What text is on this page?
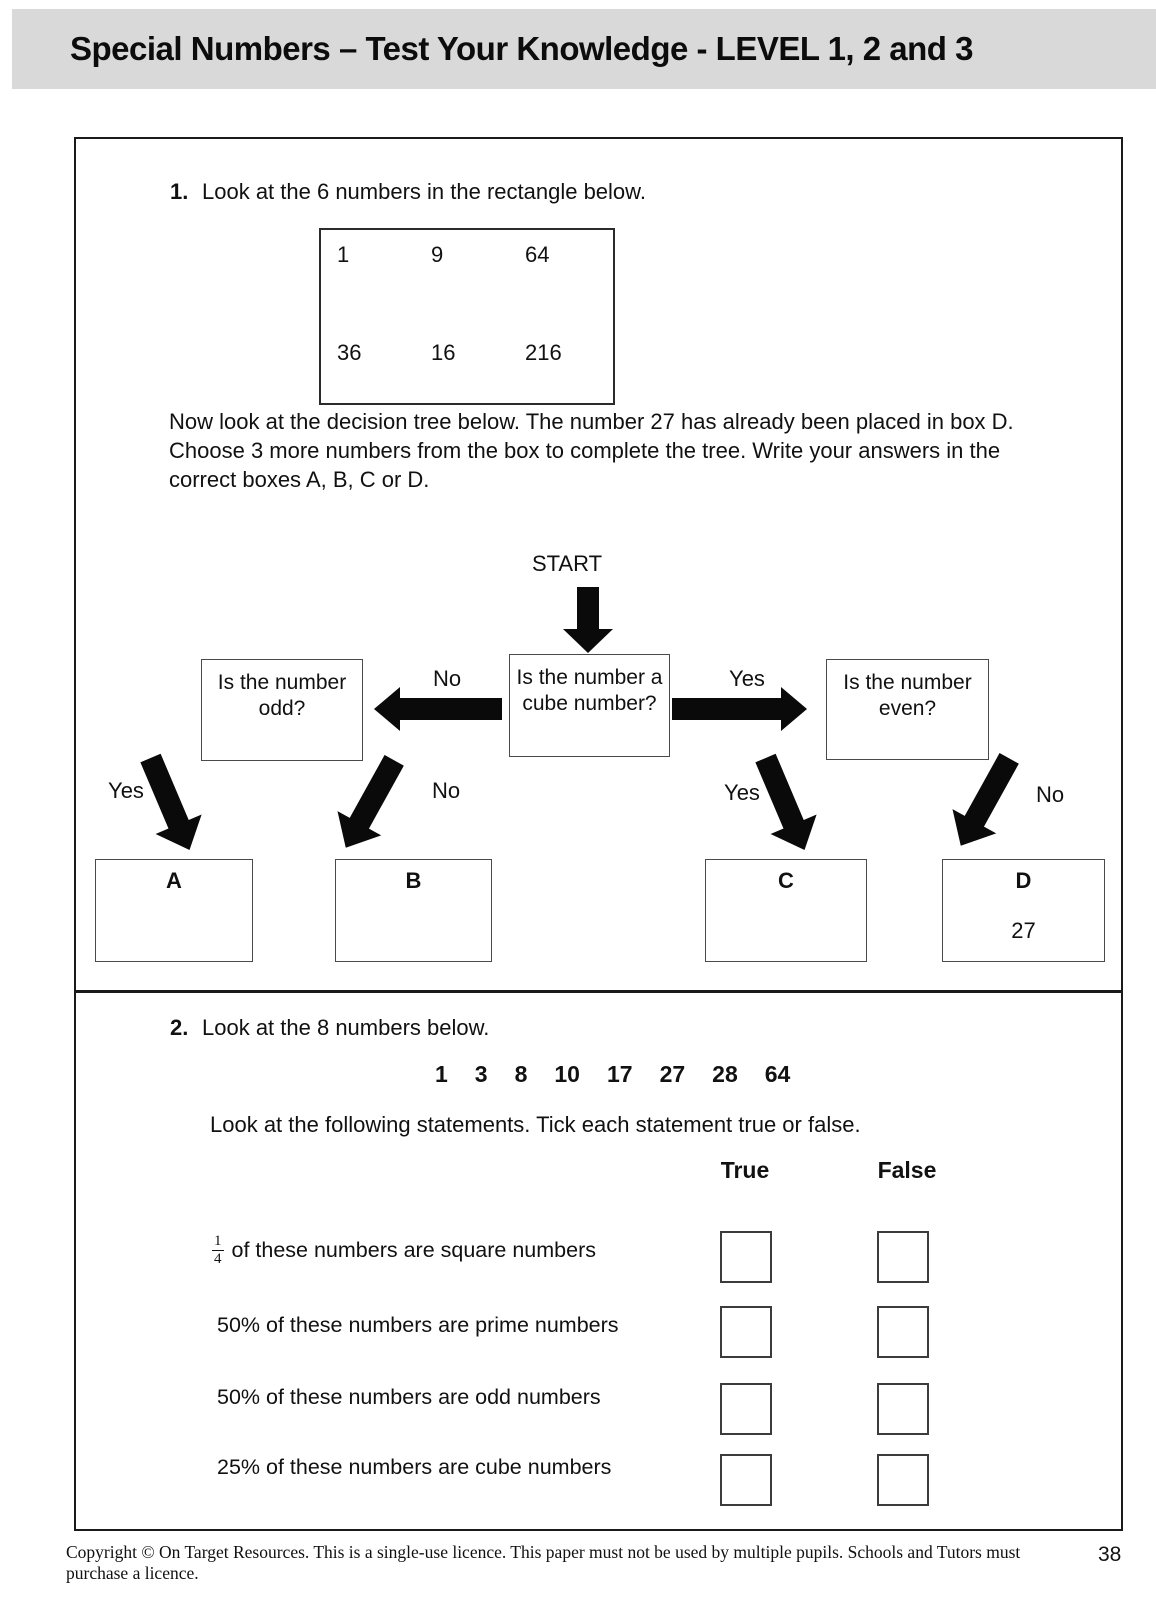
Special Numbers – Test Your Knowledge - LEVEL 1, 2 and 3
1. Look at the 6 numbers in the rectangle below.
1	9	64
36	16	216
Now look at the decision tree below. The number 27 has already been placed in box D. Choose 3 more numbers from the box to complete the tree. Write your answers in the correct boxes A, B, C or D.
START
Is the number a cube number?
Is the number odd?
Is the number even?
No	Yes
Yes	No	Yes	No
A	B	C	D
27
2. Look at the 8 numbers below.
1 3 8 10 17 27 28 64
Look at the following statements. Tick each statement true or false.
True	False
$\frac{1}{4}$ of these numbers are square numbers
50% of these numbers are prime numbers
50% of these numbers are odd numbers
25% of these numbers are cube numbers
Copyright © On Target Resources. This is a single-use licence. This paper must not be used by multiple pupils. Schools and Tutors must purchase a licence.
38
